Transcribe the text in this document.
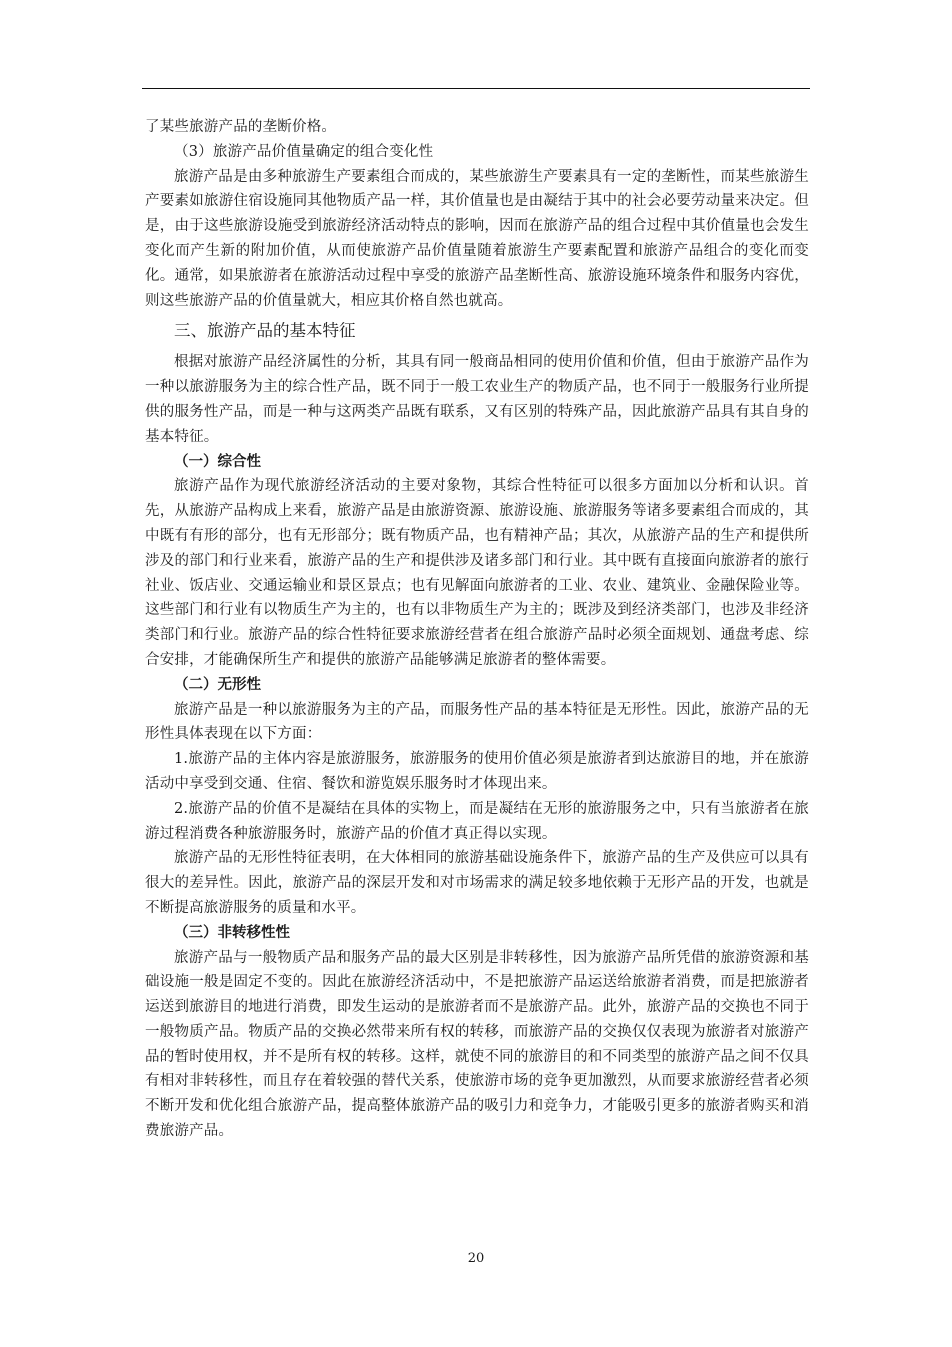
了某些旅游产品的垄断价格。

（3）旅游产品价值量确定的组合变化性

旅游产品是由多种旅游生产要素组合而成的，某些旅游生产要素具有一定的垄断性，而某些旅游生产要素如旅游住宿设施同其他物质产品一样，其价值量也是由凝结于其中的社会必要劳动量来决定。但是，由于这些旅游设施受到旅游经济活动特点的影响，因而在旅游产品的组合过程中其价值量也会发生变化而产生新的附加价值，从而使旅游产品价值量随着旅游生产要素配置和旅游产品组合的变化而变化。通常，如果旅游者在旅游活动过程中享受的旅游产品垄断性高、旅游设施环境条件和服务内容优，则这些旅游产品的价值量就大，相应其价格自然也就高。

三、旅游产品的基本特征

根据对旅游产品经济属性的分析，其具有同一般商品相同的使用价值和价值，但由于旅游产品作为一种以旅游服务为主的综合性产品，既不同于一般工农业生产的物质产品，也不同于一般服务行业所提供的服务性产品，而是一种与这两类产品既有联系，又有区别的特殊产品，因此旅游产品具有其自身的基本特征。

（一）综合性

旅游产品作为现代旅游经济活动的主要对象物，其综合性特征可以很多方面加以分析和认识。首先，从旅游产品构成上来看，旅游产品是由旅游资源、旅游设施、旅游服务等诸多要素组合而成的，其中既有有形的部分，也有无形部分；既有物质产品，也有精神产品；其次，从旅游产品的生产和提供所涉及的部门和行业来看，旅游产品的生产和提供涉及诸多部门和行业。其中既有直接面向旅游者的旅行社业、饭店业、交通运输业和景区景点；也有见解面向旅游者的工业、农业、建筑业、金融保险业等。这些部门和行业有以物质生产为主的，也有以非物质生产为主的；既涉及到经济类部门，也涉及非经济类部门和行业。旅游产品的综合性特征要求旅游经营者在组合旅游产品时必须全面规划、通盘考虑、综合安排，才能确保所生产和提供的旅游产品能够满足旅游者的整体需要。

（二）无形性

旅游产品是一种以旅游服务为主的产品，而服务性产品的基本特征是无形性。因此，旅游产品的无形性具体表现在以下方面：

1.旅游产品的主体内容是旅游服务，旅游服务的使用价值必须是旅游者到达旅游目的地，并在旅游活动中享受到交通、住宿、餐饮和游览娱乐服务时才体现出来。

2.旅游产品的价值不是凝结在具体的实物上，而是凝结在无形的旅游服务之中，只有当旅游者在旅游过程消费各种旅游服务时，旅游产品的价值才真正得以实现。

旅游产品的无形性特征表明，在大体相同的旅游基础设施条件下，旅游产品的生产及供应可以具有很大的差异性。因此，旅游产品的深层开发和对市场需求的满足较多地依赖于无形产品的开发，也就是不断提高旅游服务的质量和水平。

（三）非转移性性

旅游产品与一般物质产品和服务产品的最大区别是非转移性，因为旅游产品所凭借的旅游资源和基础设施一般是固定不变的。因此在旅游经济活动中，不是把旅游产品运送给旅游者消费，而是把旅游者运送到旅游目的地进行消费，即发生运动的是旅游者而不是旅游产品。此外，旅游产品的交换也不同于一般物质产品。物质产品的交换必然带来所有权的转移，而旅游产品的交换仅仅表现为旅游者对旅游产品的暂时使用权，并不是所有权的转移。这样，就使不同的旅游目的和不同类型的旅游产品之间不仅具有相对非转移性，而且存在着较强的替代关系，使旅游市场的竞争更加激烈，从而要求旅游经营者必须不断开发和优化组合旅游产品，提高整体旅游产品的吸引力和竞争力，才能吸引更多的旅游者购买和消费旅游产品。

20
